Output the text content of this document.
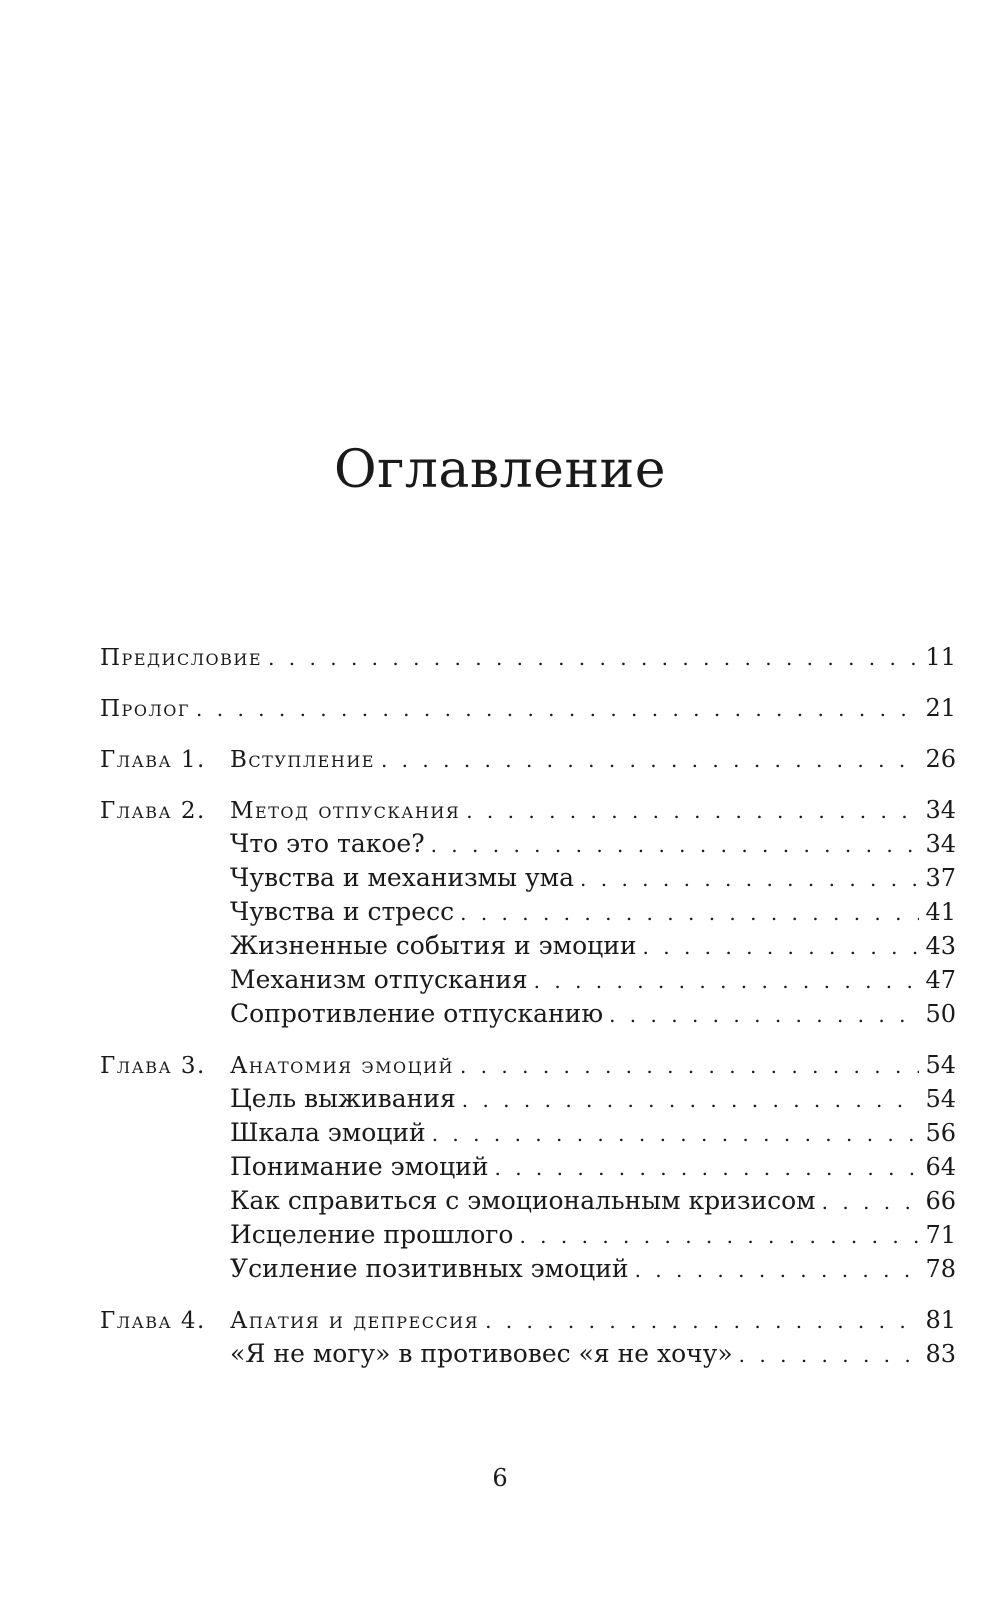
Оглавление
Предисловие . . .	11
Пролог . . .	21
Глава 1.	Вступление . . .	26
Глава 2.	Метод отпускания . . .	34
Что это такое? . . .	34
Чувства и механизмы ума . . .	37
Чувства и стресс . . .	41
Жизненные события и эмоции . . .	43
Механизм отпускания . . .	47
Сопротивление отпусканию . . .	50
Глава 3.	Анатомия эмоций . . .	54
Цель выживания . . .	54
Шкала эмоций . . .	56
Понимание эмоций . . .	64
Как справиться с эмоциональным кризисом . . .	66
Исцеление прошлого . . .	71
Усиление позитивных эмоций . . .	78
Глава 4.	Апатия и депрессия . . .	81
«Я не могу» в противовес «я не хочу» . . .	83
6
